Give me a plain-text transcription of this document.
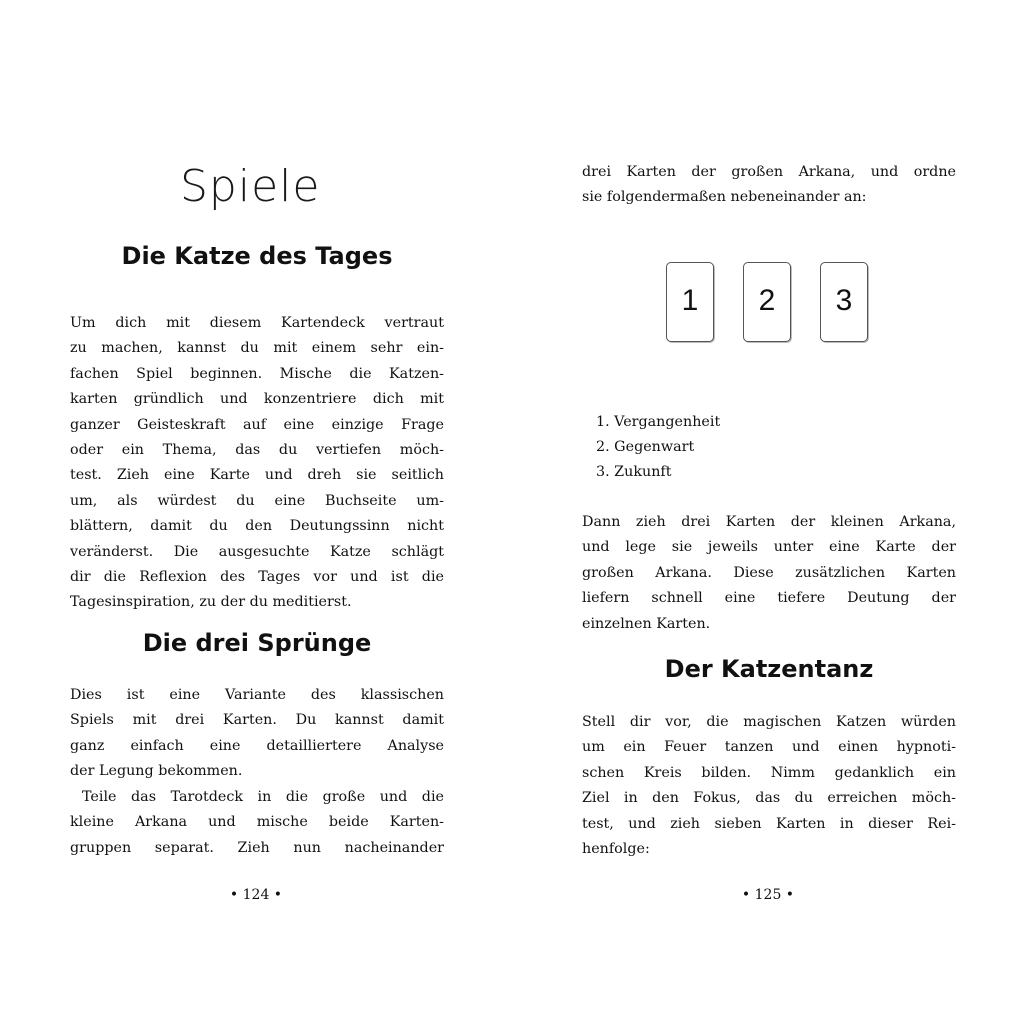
Spiele
Die Katze des Tages
Um dich mit diesem Kartendeck vertraut
zu machen, kannst du mit einem sehr ein-
fachen Spiel beginnen. Mische die Katzen-
karten gründlich und konzentriere dich mit
ganzer Geisteskraft auf eine einzige Frage
oder ein Thema, das du vertiefen möch-
test. Zieh eine Karte und dreh sie seitlich
um, als würdest du eine Buchseite um-
blättern, damit du den Deutungssinn nicht
veränderst. Die ausgesuchte Katze schlägt
dir die Reflexion des Tages vor und ist die
Tagesinspiration, zu der du meditierst.
Die drei Sprünge
Dies ist eine Variante des klassischen
Spiels mit drei Karten. Du kannst damit
ganz einfach eine detailliertere Analyse
der Legung bekommen.
Teile das Tarotdeck in die große und die
kleine Arkana und mische beide Karten-
gruppen separat. Zieh nun nacheinander
• 124 •
drei Karten der großen Arkana, und ordne
sie folgendermaßen nebeneinander an:
1	2	3
1. Vergangenheit
2. Gegenwart
3. Zukunft
Dann zieh drei Karten der kleinen Arkana,
und lege sie jeweils unter eine Karte der
großen Arkana. Diese zusätzlichen Karten
liefern schnell eine tiefere Deutung der
einzelnen Karten.
Der Katzentanz
Stell dir vor, die magischen Katzen würden
um ein Feuer tanzen und einen hypnoti-
schen Kreis bilden. Nimm gedanklich ein
Ziel in den Fokus, das du erreichen möch-
test, und zieh sieben Karten in dieser Rei-
henfolge:
• 125 •
